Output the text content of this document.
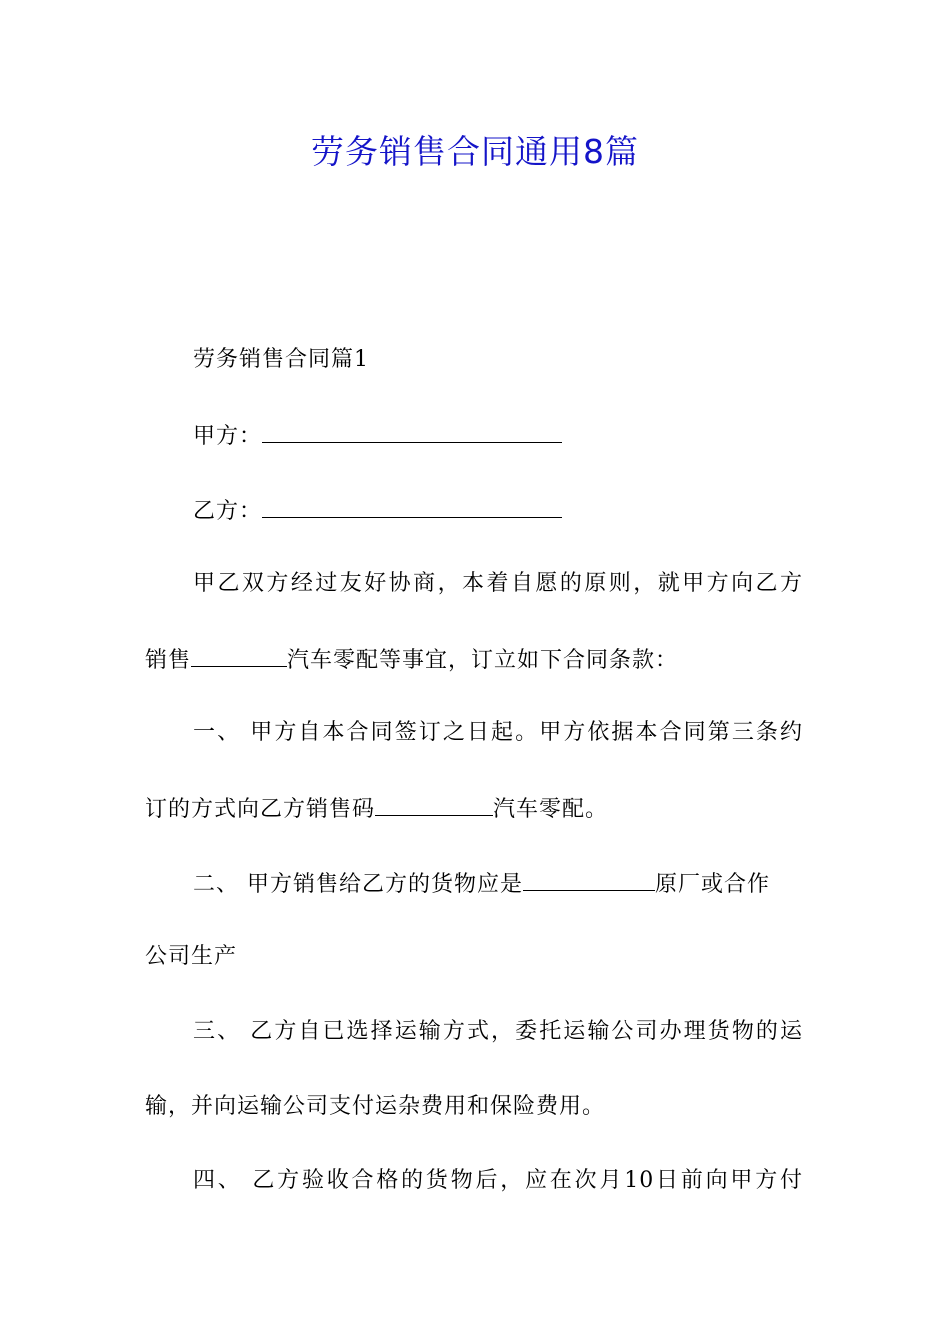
劳务销售合同通用8篇
劳务销售合同篇1
甲方：
乙方：
甲乙双方经过友好协商，本着自愿的原则，就甲方向乙方
销售	汽车零配等事宜，订立如下合同条款：
一、 甲方自本合同签订之日起。甲方依据本合同第三条约
订的方式向乙方销售码	汽车零配。
二、 甲方销售给乙方的货物应是	原厂或合作
公司生产
三、 乙方自已选择运输方式，委托运输公司办理货物的运
输，并向运输公司支付运杂费用和保险费用。
四、 乙方验收合格的货物后，应在次月10日前向甲方付
